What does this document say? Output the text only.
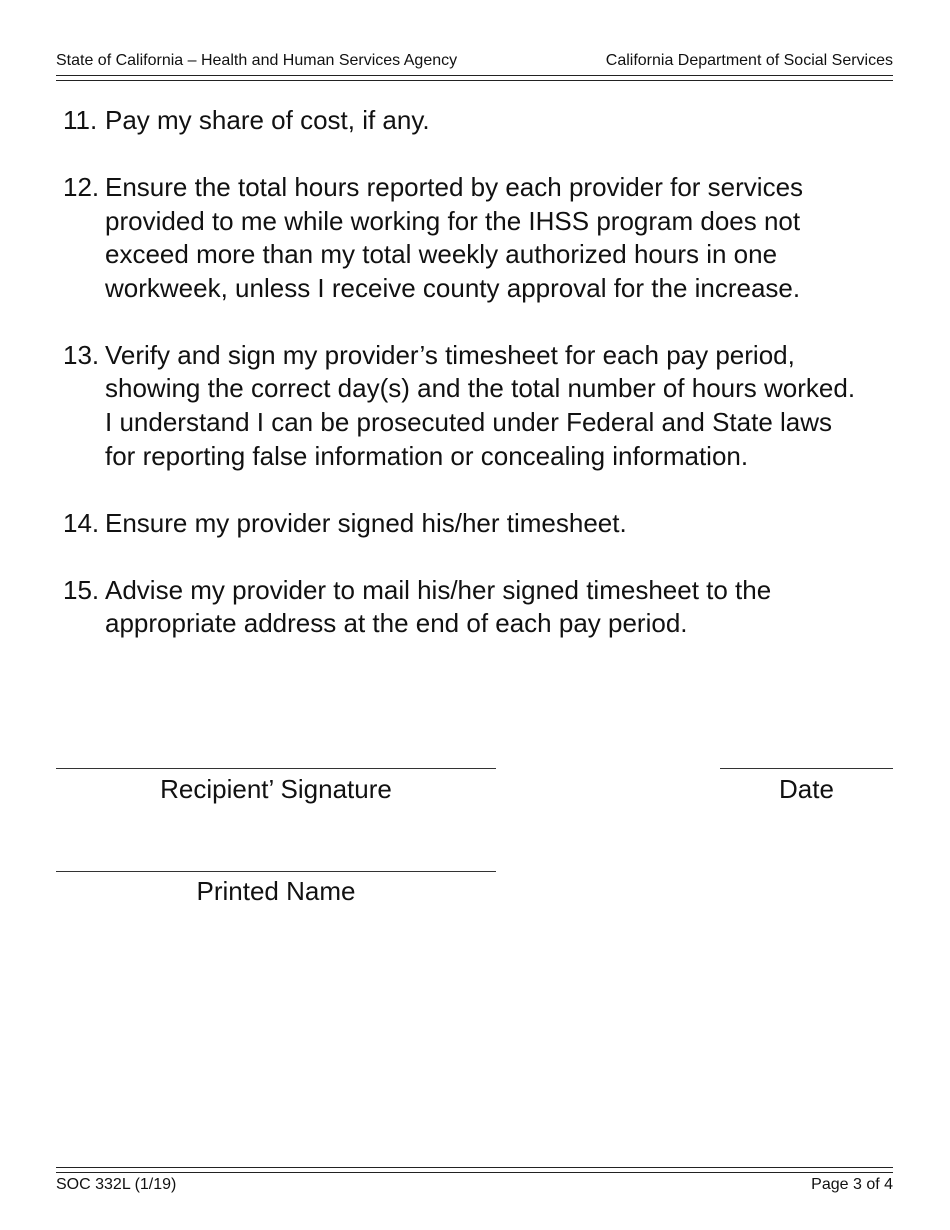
State of California – Health and Human Services Agency	California Department of Social Services
11. Pay my share of cost, if any.
12. Ensure the total hours reported by each provider for services provided to me while working for the IHSS program does not exceed more than my total weekly authorized hours in one workweek, unless I receive county approval for the increase.
13. Verify and sign my provider’s timesheet for each pay period, showing the correct day(s) and the total number of hours worked. I understand I can be prosecuted under Federal and State laws for reporting false information or concealing information.
14. Ensure my provider signed his/her timesheet.
15. Advise my provider to mail his/her signed timesheet to the appropriate address at the end of each pay period.
Recipient’ Signature	Date
Printed Name
SOC 332L (1/19)	Page 3 of 4
